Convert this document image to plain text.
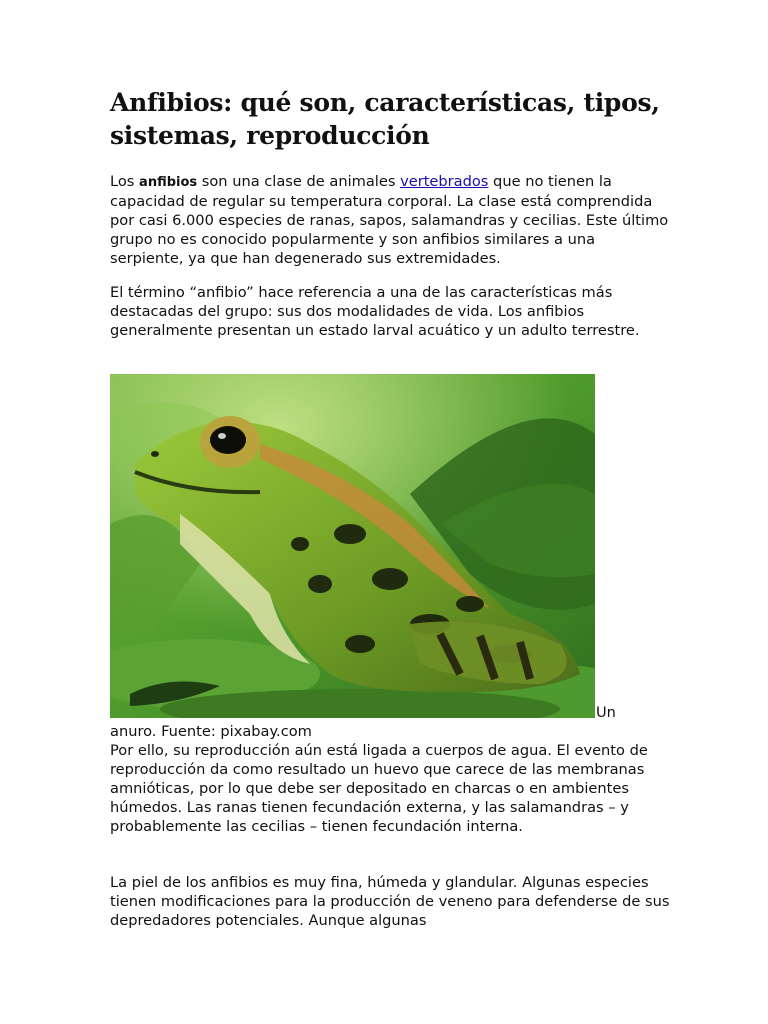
Anfibios: qué son, características, tipos, sistemas, reproducción

Los anfibios son una clase de animales vertebrados que no tienen la capacidad de regular su temperatura corporal. La clase está comprendida por casi 6.000 especies de ranas, sapos, salamandras y cecilias. Este último grupo no es conocido popularmente y son anfibios similares a una serpiente, ya que han degenerado sus extremidades.

El término “anfibio” hace referencia a una de las características más destacadas del grupo: sus dos modalidades de vida. Los anfibios generalmente presentan un estado larval acuático y un adulto terrestre.

Un

anuro. Fuente: pixabay.com

Por ello, su reproducción aún está ligada a cuerpos de agua. El evento de reproducción da como resultado un huevo que carece de las membranas amnióticas, por lo que debe ser depositado en charcas o en ambientes húmedos. Las ranas tienen fecundación externa, y las salamandras – y probablemente las cecilias – tienen fecundación interna.

La piel de los anfibios es muy fina, húmeda y glandular. Algunas especies tienen modificaciones para la producción de veneno para defenderse de sus depredadores potenciales. Aunque algunas
